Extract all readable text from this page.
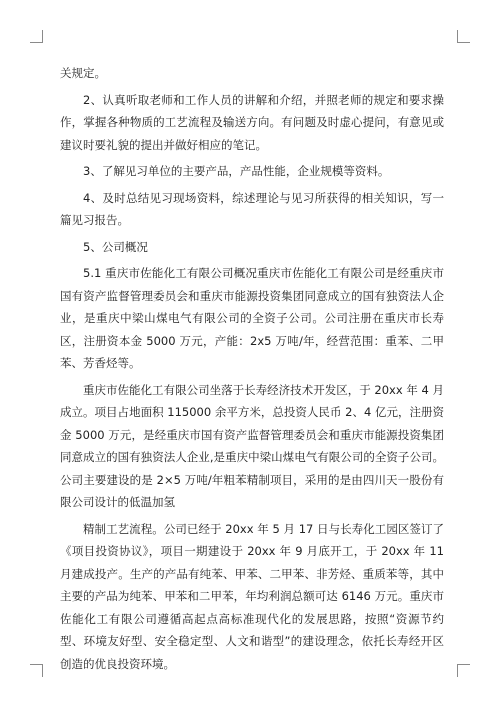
关规定。

2、认真听取老师和工作人员的讲解和介绍，并照老师的规定和要求操作，掌握各种物质的工艺流程及输送方向。有问题及时虚心提问，有意见或建议时要礼貌的提出并做好相应的笔记。

3、了解见习单位的主要产品，产品性能，企业规模等资料。

4、及时总结见习现场资料，综述理论与见习所获得的相关知识，写一篇见习报告。

5、公司概况

5.1 重庆市佐能化工有限公司概况重庆市佐能化工有限公司是经重庆市国有资产监督管理委员会和重庆市能源投资集团同意成立的国有独资法人企业，是重庆中梁山煤电气有限公司的全资子公司。公司注册在重庆市长寿区，注册资本金 5000 万元，产能：2x5 万吨/年，经营范围：重苯、二甲苯、芳香烃等。

重庆市佐能化工有限公司坐落于长寿经济技术开发区，于 20xx 年 4 月成立。项目占地面积 115000 余平方米，总投资人民币 2、4 亿元，注册资金 5000 万元，是经重庆市国有资产监督管理委员会和重庆市能源投资集团同意成立的国有独资法人企业,是重庆中梁山煤电气有限公司的全资子公司。公司主要建设的是 2×5 万吨/年粗苯精制项目，采用的是由四川天一股份有限公司设计的低温加氢

精制工艺流程。公司已经于 20xx 年 5 月 17 日与长寿化工园区签订了《项目投资协议》，项目一期建设于 20xx 年 9 月底开工，于 20xx 年 11 月建成投产。生产的产品有纯苯、甲苯、二甲苯、非芳烃、重质苯等，其中主要的产品为纯苯、甲苯和二甲苯，年均利润总额可达 6146 万元。重庆市佐能化工有限公司遵循高起点高标准现代化的发展思路，按照“资源节约型、环境友好型、安全稳定型、人文和谐型”的建设理念，依托长寿经开区创造的优良投资环境。
